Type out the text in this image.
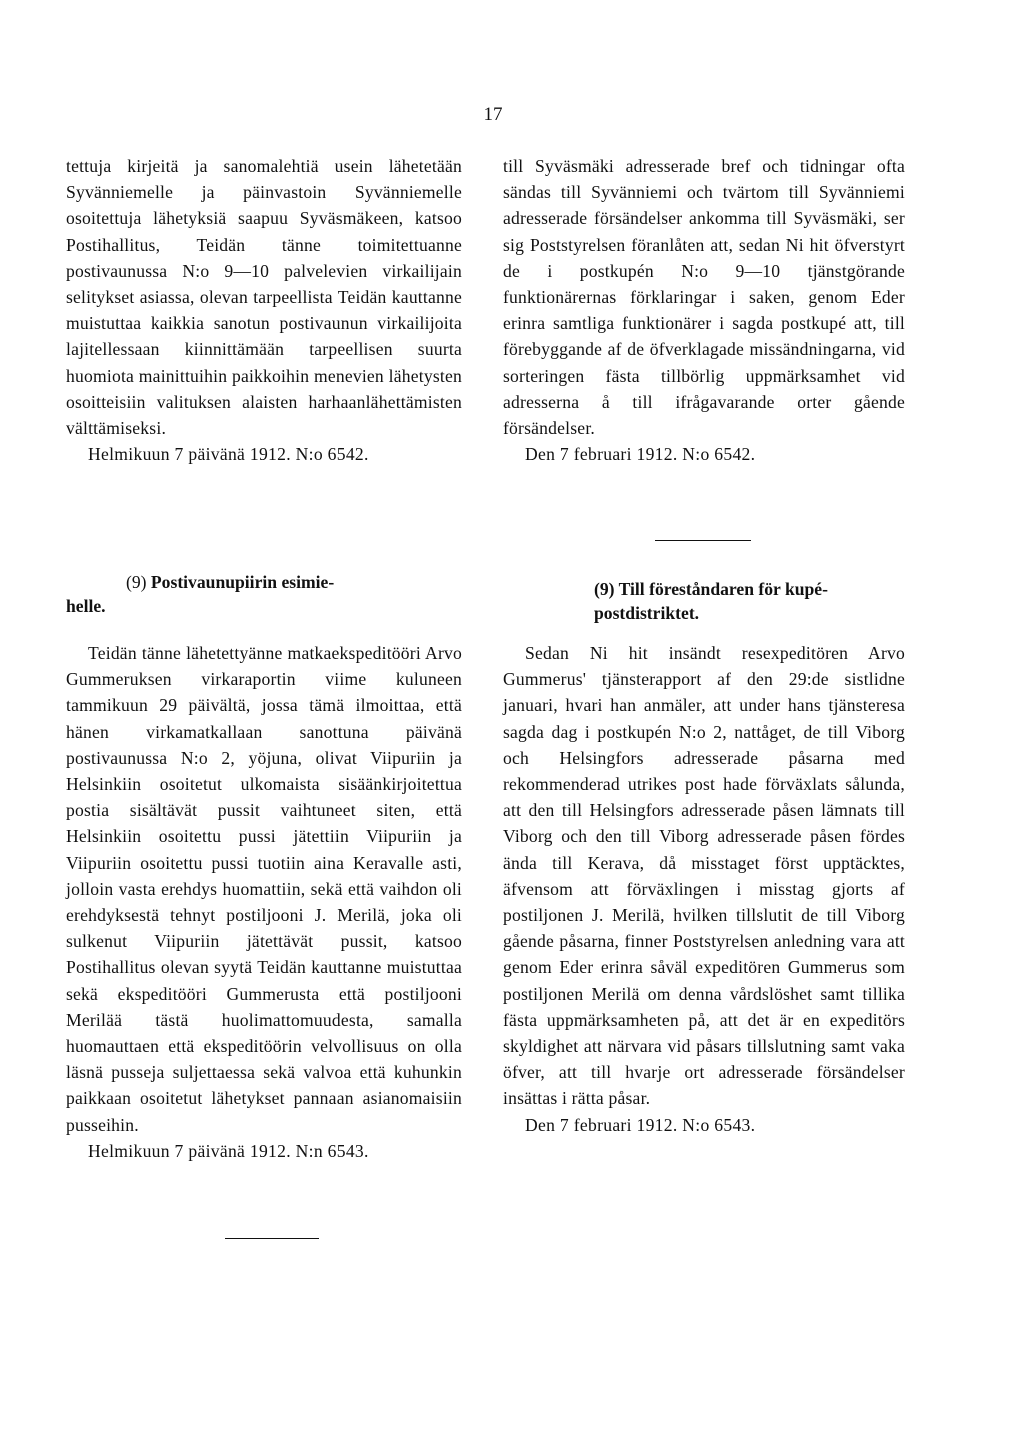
17

tettuja kirjeitä ja sanomalehtiä usein lähetetään Syvänniemelle ja päinvastoin Syvänniemelle osoitettuja lähetyksiä saapuu Syväsmäkeen, katsoo Postihallitus, Teidän tänne toimitettuanne postivaunussa N:o 9—10 palvelevien virkailijain selitykset asiassa, olevan tarpeellista Teidän kauttanne muistuttaa kaikkia sanotun postivaunun virkailijoita lajitellessaan kiinnittämään tarpeellisen suurta huomiota mainittuihin paikkoihin menevien lähetysten osoitteisiin valituksen alaisten harhaanlähettämisten välttämiseksi.

Helmikuun 7 päivänä 1912. N:o 6542.

till Syväsmäki adresserade bref och tidningar ofta sändas till Syvänniemi och tvärtom till Syvänniemi adresserade försändelser ankomma till Syväsmäki, ser sig Poststyrelsen föranlåten att, sedan Ni hit öfverstyrt de i postkupén N:o 9—10 tjänstgörande funktionärernas förklaringar i saken, genom Eder erinra samtliga funktionärer i sagda postkupé att, till förebyggande af de öfverklagade missändningarna, vid sorteringen fästa tillbörlig uppmärksamhet vid adresserna å till ifrågavarande orter gående försändelser.

Den 7 februari 1912. N:o 6542.

(9) Postivaunupiirin esimie-
helle.
(9) Till föreståndaren för kupé-
postdistriktet.

Teidän tänne lähetettyänne matkaekspeditööri Arvo Gummeruksen virkaraportin viime kuluneen tammikuun 29 päivältä, jossa tämä ilmoittaa, että hänen virkamatkallaan sanottuna päivänä postivaunussa N:o 2, yöjuna, olivat Viipuriin ja Helsinkiin osoitetut ulkomaista sisäänkirjoitettua postia sisältävät pussit vaihtuneet siten, että Helsinkiin osoitettu pussi jätettiin Viipuriin ja Viipuriin osoitettu pussi tuotiin aina Keravalle asti, jolloin vasta erehdys huomattiin, sekä että vaihdon oli erehdyksestä tehnyt postiljooni J. Merilä, joka oli sulkenut Viipuriin jätettävät pussit, katsoo Postihallitus olevan syytä Teidän kauttanne muistuttaa sekä ekspeditööri Gummerusta että postiljooni Merilää tästä huolimattomuudesta, samalla huomauttaen että ekspeditöörin velvollisuus on olla läsnä pusseja suljettaessa sekä valvoa että kuhunkin paikkaan osoitetut lähetykset pannaan asianomaisiin pusseihin.

Helmikuun 7 päivänä 1912. N:n 6543.

Sedan Ni hit insändt resexpeditören Arvo Gummerus' tjänsterapport af den 29:de sistlidne januari, hvari han anmäler, att under hans tjänsteresa sagda dag i postkupén N:o 2, nattåget, de till Viborg och Helsingfors adresserade påsarna med rekommenderad utrikes post hade förväxlats sålunda, att den till Helsingfors adresserade påsen lämnats till Viborg och den till Viborg adresserade påsen fördes ända till Kerava, då misstaget först upptäcktes, äfvensom att förväxlingen i misstag gjorts af postiljonen J. Merilä, hvilken tillslutit de till Viborg gående påsarna, finner Poststyrelsen anledning vara att genom Eder erinra såväl expeditören Gummerus som postiljonen Merilä om denna vårdslöshet samt tillika fästa uppmärksamheten på, att det är en expeditörs skyldighet att närvara vid påsars tillslutning samt vaka öfver, att till hvarje ort adresserade försändelser insättas i rätta påsar.

Den 7 februari 1912. N:o 6543.
